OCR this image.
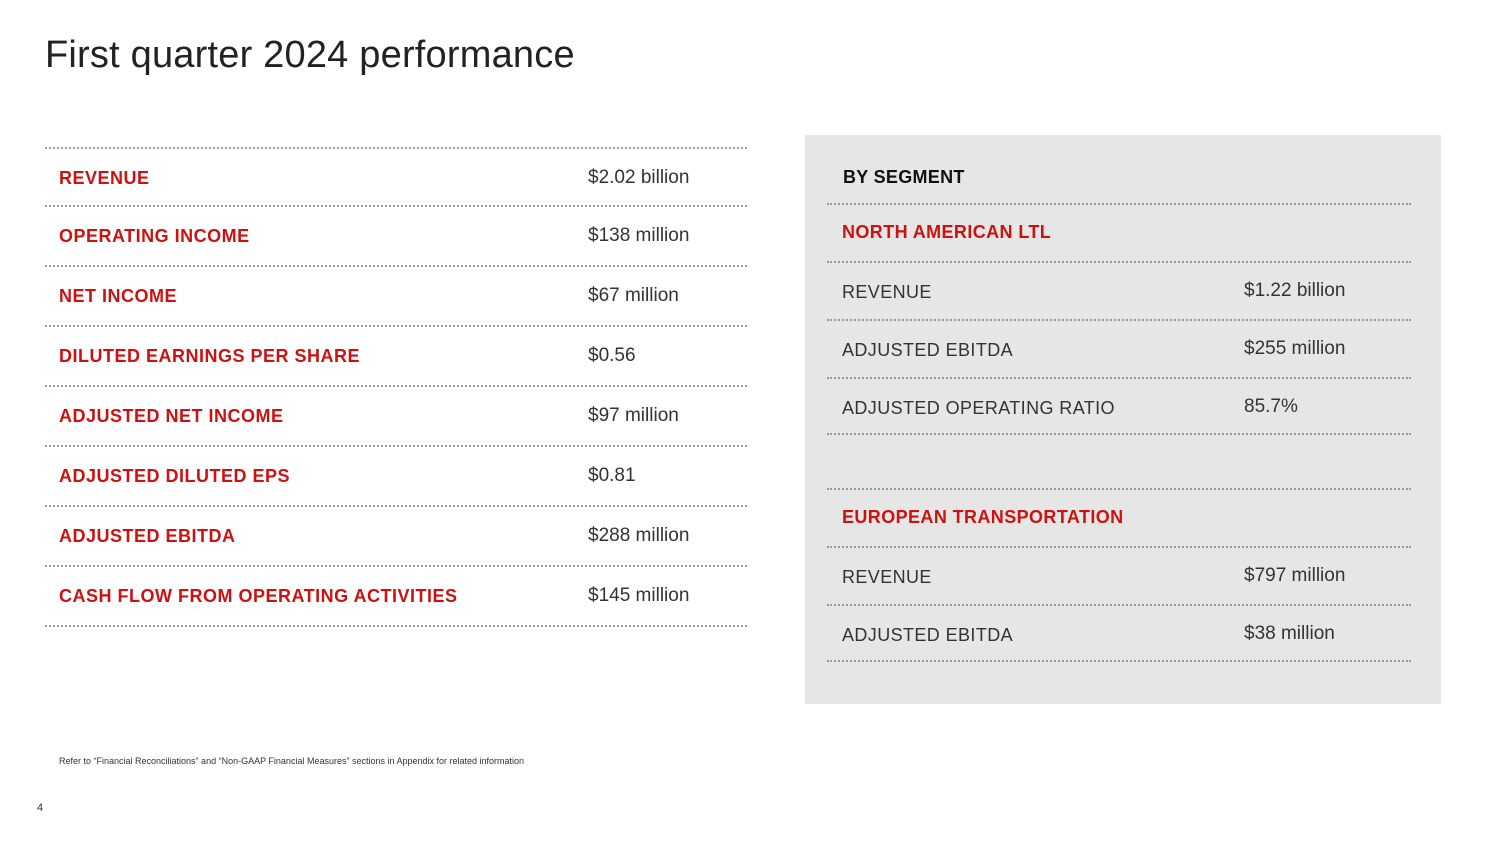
First quarter 2024 performance
REVENUE	$2.02 billion
OPERATING INCOME	$138 million
NET INCOME	$67 million
DILUTED EARNINGS PER SHARE	$0.56
ADJUSTED NET INCOME	$97 million
ADJUSTED DILUTED EPS	$0.81
ADJUSTED EBITDA	$288 million
CASH FLOW FROM OPERATING ACTIVITIES	$145 million
BY SEGMENT
NORTH AMERICAN LTL
REVENUE	$1.22 billion
ADJUSTED EBITDA	$255 million
ADJUSTED OPERATING RATIO	85.7%
EUROPEAN TRANSPORTATION
REVENUE	$797 million
ADJUSTED EBITDA	$38 million
Refer to “Financial Reconciliations” and “Non-GAAP Financial Measures” sections in Appendix for related information
4
